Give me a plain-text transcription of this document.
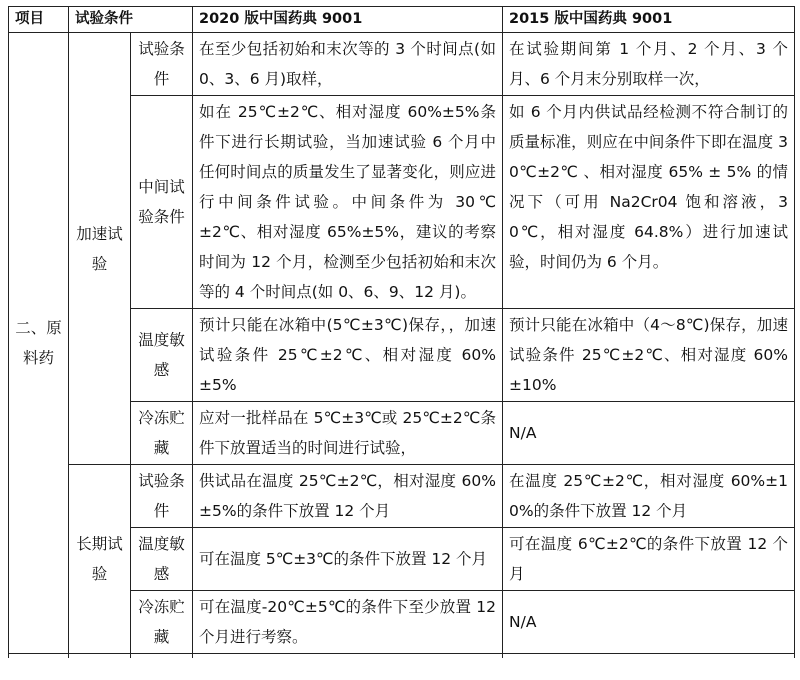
项目	试验条件		2020 版中国药典 9001	2015 版中国药典 9001
二、原料药	加速试验	试验条件	在至少包括初始和末次等的 3 个时间点(如 0、3、6 月)取样，	在试验期间第 1 个月、2 个月、3 个月、6 个月末分别取样一次，
		中间试验条件	如在 25℃±2℃、相对湿度 60%±5%条件下进行长期试验，当加速试验 6 个月中任何时间点的质量发生了显著变化，则应进行中间条件试验。中间条件为 30℃±2℃、相对湿度 65%±5%，建议的考察时间为 12 个月，检测至少包括初始和末次等的 4 个时间点(如 0、6、9、12 月)。	如 6 个月内供试品经检测不符合制订的质量标准，则应在中间条件下即在温度 30℃±2℃ 、相对湿度 65% ± 5% 的情况下（可用 Na2Cr04 饱和溶液，30℃，相对湿度 64.8%）进行加速试验，时间仍为 6 个月。
		温度敏感	预计只能在冰箱中(5℃±3℃)保存，，加速试验条件 25℃±2℃、相对湿度 60%±5%	预计只能在冰箱中（4～8℃)保存，加速试验条件 25℃±2℃、相对湿度 60%±10%
		冷冻贮藏	应对一批样品在 5℃±3℃或 25℃±2℃条件下放置适当的时间进行试验，	N/A
	长期试验	试验条件	供试品在温度 25℃±2℃，相对湿度 60%±5%的条件下放置 12 个月	在温度 25℃±2℃，相对湿度 60%±10%的条件下放置 12 个月
		温度敏感	可在温度 5℃±3℃的条件下放置 12 个月	可在温度 6℃±2℃的条件下放置 12 个月
		冷冻贮藏	可在温度-20℃±5℃的条件下至少放置 12 个月进行考察。	N/A
